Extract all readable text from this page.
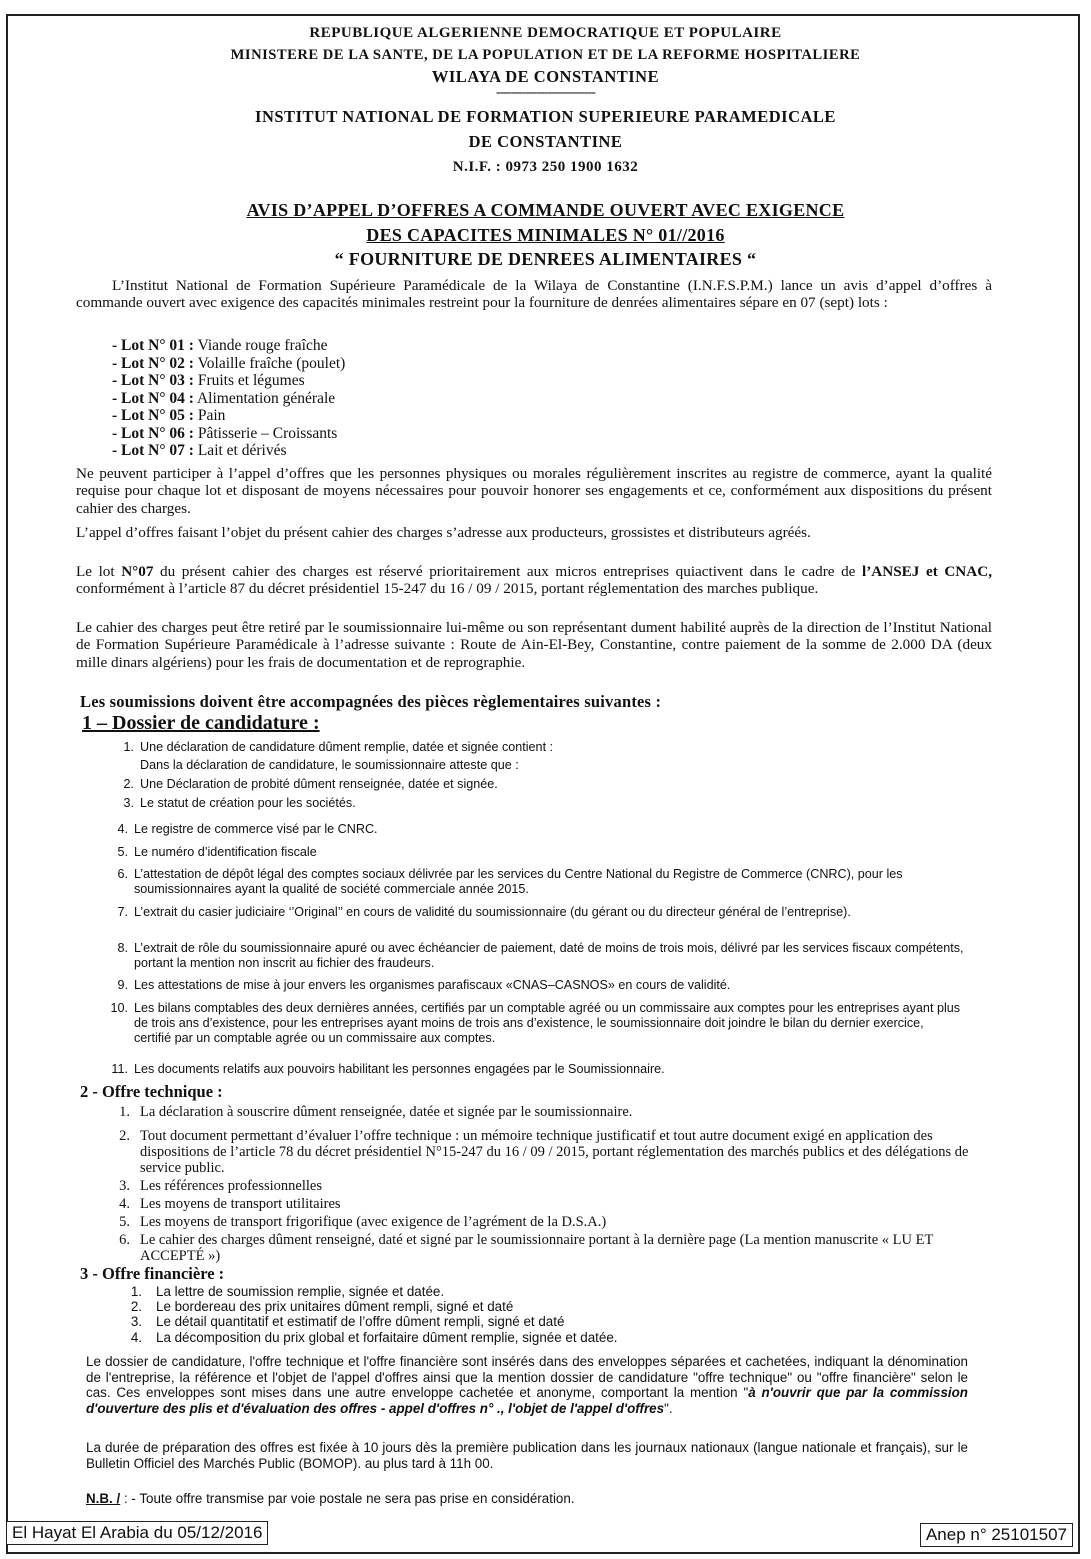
REPUBLIQUE ALGERIENNE DEMOCRATIQUE ET POPULAIRE
MINISTERE DE LA SANTE, DE LA POPULATION ET DE LA REFORME HOSPITALIERE
WILAYA DE CONSTANTINE
---------------------------
INSTITUT NATIONAL DE FORMATION SUPERIEURE PARAMEDICALE
DE CONSTANTINE
N.I.F. : 0973 250 1900 1632
AVIS D’APPEL D’OFFRES A COMMANDE OUVERT AVEC EXIGENCE
DES CAPACITES MINIMALES N° 01//2016
“ FOURNITURE DE DENREES ALIMENTAIRES “

L’Institut National de Formation Supérieure Paramédicale de la Wilaya de Constantine (I.N.F.S.P.M.) lance un avis d’appel d’offres à commande ouvert avec exigence des capacités minimales restreint pour la fourniture de denrées alimentaires sépare en 07 (sept) lots :

- Lot N° 01 : Viande rouge fraîche
- Lot N° 02 : Volaille fraîche (poulet)
- Lot N° 03 : Fruits et légumes
- Lot N° 04 : Alimentation générale
- Lot N° 05 : Pain
- Lot N° 06 : Pâtisserie – Croissants
- Lot N° 07 : Lait et dérivés

Ne peuvent participer à l’appel d’offres que les personnes physiques ou morales régulièrement inscrites au registre de commerce, ayant la qualité requise pour chaque lot et disposant de moyens nécessaires pour pouvoir honorer ses engagements et ce, conformément aux dispositions du présent cahier des charges.

L’appel d’offres faisant l’objet du présent cahier des charges s’adresse aux producteurs, grossistes et distributeurs agréés.

Le lot N°07 du présent cahier des charges est réservé prioritairement aux micros entreprises quiactivent dans le cadre de l’ANSEJ et CNAC, conformément à l’article 87 du décret présidentiel 15-247 du 16 / 09 / 2015, portant réglementation des marches publique.

Le cahier des charges peut être retiré par le soumissionnaire lui-même ou son représentant dument habilité auprès de la direction de l’Institut National de Formation Supérieure Paramédicale à l’adresse suivante : Route de Ain-El-Bey, Constantine, contre paiement de la somme de 2.000 DA (deux mille dinars algériens) pour les frais de documentation et de reprographie.

Les soumissions doivent être accompagnées des pièces règlementaires suivantes :
1 – Dossier de candidature :
1. Une déclaration de candidature dûment remplie, datée et signée contient :
Dans la déclaration de candidature, le soumissionnaire atteste que :
2. Une Déclaration de probité dûment renseignée, datée et signée.
3. Le statut de création pour les sociétés.
4. Le registre de commerce visé par le CNRC.
5. Le numéro d’identification fiscale
6. L’attestation de dépôt légal des comptes sociaux délivrée par les services du Centre National du Registre de Commerce (CNRC), pour les soumissionnaires ayant la qualité de société commerciale année 2015.
7. L’extrait du casier judiciaire ‘’Original’’ en cours de validité du soumissionnaire (du gérant ou du directeur général de l’entreprise).
8. L’extrait de rôle du soumissionnaire apuré ou avec échéancier de paiement, daté de moins de trois mois, délivré par les services fiscaux compétents, portant la mention non inscrit au fichier des fraudeurs.
9. Les attestations de mise à jour envers les organismes parafiscaux «CNAS–CASNOS» en cours de validité.
10. Les bilans comptables des deux dernières années, certifiés par un comptable agréé ou un commissaire aux comptes pour les entreprises ayant plus de trois ans d’existence, pour les entreprises ayant moins de trois ans d’existence, le soumissionnaire doit joindre le bilan du dernier exercice, certifié par un comptable agrée ou un commissaire aux comptes.
11. Les documents relatifs aux pouvoirs habilitant les personnes engagées par le Soumissionnaire.
2 - Offre technique :
1. La déclaration à souscrire dûment renseignée, datée et signée par le soumissionnaire.
2. Tout document permettant d’évaluer l’offre technique : un mémoire technique justificatif et tout autre document exigé en application des dispositions de l’article 78 du décret présidentiel N°15-247 du 16 / 09 / 2015, portant réglementation des marchés publics et des délégations de service public.
3. Les références professionnelles
4. Les moyens de transport utilitaires
5. Les moyens de transport frigorifique (avec exigence de l’agrément de la D.S.A.)
6. Le cahier des charges dûment renseigné, daté et signé par le soumissionnaire portant à la dernière page (La mention manuscrite « LU ET ACCEPTÉ »)
3 - Offre financière :
1.	La lettre de soumission remplie, signée et datée.
2.	Le bordereau des prix unitaires dûment rempli, signé et daté
3.	Le détail quantitatif et estimatif de l’offre dûment rempli, signé et daté
4.	La décomposition du prix global et forfaitaire dûment remplie, signée et datée.

Le dossier de candidature, l'offre technique et l'offre financière sont insérés dans des enveloppes séparées et cachetées, indiquant la dénomination de l'entreprise, la référence et l'objet de l'appel d'offres ainsi que la mention dossier de candidature "offre technique" ou "offre financière" selon le cas. Ces enveloppes sont mises dans une autre enveloppe cachetée et anonyme, comportant la mention "à n'ouvrir que par la commission d'ouverture des plis et d'évaluation des offres - appel d'offres n° ., l'objet de l'appel d'offres".

La durée de préparation des offres est fixée à 10 jours dès la première publication dans les journaux nationaux (langue nationale et français), sur le Bulletin Officiel des Marchés Public (BOMOP). au plus tard à 11h 00.

N.B. / : - Toute offre transmise par voie postale ne sera pas prise en considération.
El Hayat El Arabia du 05/12/2016	Anep n° 25101507
